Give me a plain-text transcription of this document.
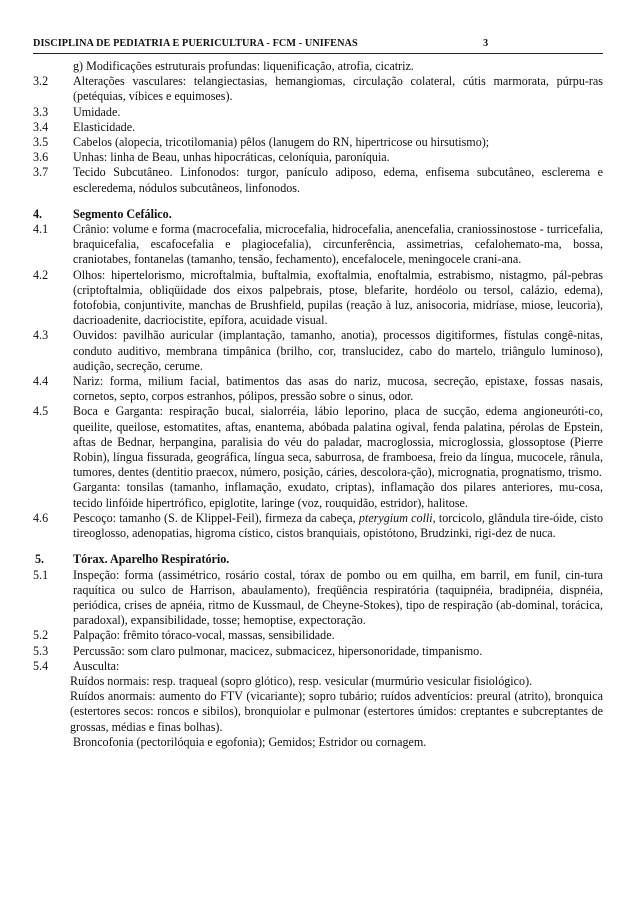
DISCIPLINA DE PEDIATRIA E PUERICULTURA - FCM - UNIFENAS	3
g) Modificações estruturais profundas: liquenificação, atrofia, cicatriz.
3.2	Alterações vasculares: telangiectasias, hemangiomas, circulação colateral, cútis marmorata, púrpu-ras (petéquias, víbices e equimoses).
3.3	Umidade.
3.4	Elasticidade.
3.5	Cabelos (alopecia, tricotilomania) pêlos (lanugem do RN, hipertricose ou hirsutismo);
3.6	Unhas: linha de Beau, unhas hipocráticas, celoníquia, paroníquia.
3.7	Tecido Subcutâneo. Linfonodos: turgor, panículo adiposo, edema, enfisema subcutâneo, esclerema e escleredema, nódulos subcutâneos, linfonodos.
4.	Segmento Cefálico.
4.1	Crânio: volume e forma (macrocefalia, microcefalia, hidrocefalia, anencefalia, craniossinostose - turricefalia, braquicefalia, escafocefalia e plagiocefalia), circunferência, assimetrias, cefalohemato-ma, bossa, craniotabes, fontanelas (tamanho, tensão, fechamento), encefalocele, meningocele crani-ana.
4.2	Olhos: hipertelorismo, microftalmia, buftalmia, exoftalmia, enoftalmia, estrabismo, nistagmo, pál-pebras (criptoftalmia, obliqüidade dos eixos palpebrais, ptose, blefarite, hordéolo ou tersol, calázio, edema), fotofobia, conjuntivite, manchas de Brushfield, pupilas (reação à luz, anisocoria, midríase, miose, leucoria), dacrioadenite, dacriocistite, epífora, acuidade visual.
4.3	Ouvidos: pavilhão auricular (implantação, tamanho, anotia), processos digitiformes, fístulas congê-nitas, conduto auditivo, membrana timpânica (brilho, cor, translucidez, cabo do martelo, triângulo luminoso), audição, secreção, cerume.
4.4	Nariz: forma, milium facial, batimentos das asas do nariz, mucosa, secreção, epistaxe, fossas nasais, cornetos, septo, corpos estranhos, pólipos, pressão sobre o sinus, odor.
4.5	Boca e Garganta: respiração bucal, sialorréia, lábio leporino, placa de sucção, edema angioneuróti-co, queilite, queilose, estomatites, aftas, enantema, abóbada palatina ogival, fenda palatina, pérolas de Epstein, aftas de Bednar, herpangina, paralisia do véu do paladar, macroglossia, microglossia, glossoptose (Pierre Robin), língua fissurada, geográfica, língua seca, saburrosa, de framboesa, freio da língua, mucocele, rânula, tumores, dentes (dentitio praecox, número, posição, cáries, descolora-ção), micrognatia, prognatismo, trismo.
Garganta: tonsilas (tamanho, inflamação, exudato, criptas), inflamação dos pilares anteriores, mu-cosa, tecido linfóide hipertrófico, epiglotite, laringe (voz, rouquidão, estridor), halitose.
4.6	Pescoço: tamanho (S. de Klippel-Feil), firmeza da cabeça, pterygium colli, torcicolo, glândula tire-óide, cisto tireoglosso, adenopatias, higroma cístico, cistos branquiais, opistótono, Brudzinki, rigi-dez de nuca.
5.	Tórax. Aparelho Respiratório.
5.1	Inspeção: forma (assimétrico, rosário costal, tórax de pombo ou em quilha, em barril, em funil, cin-tura raquítica ou sulco de Harrison, abaulamento), freqüência respiratória (taquipnéia, bradipnéia, dispnéia, periódica, crises de apnéia, ritmo de Kussmaul, de Cheyne-Stokes), tipo de respiração (ab-dominal, torácica, paradoxal), expansibilidade, tosse; hemoptise, expectoração.
5.2	Palpação: frêmito tóraco-vocal, massas, sensibilidade.
5.3	Percussão: som claro pulmonar, macicez, submacicez, hipersonoridade, timpanismo.
5.4	Ausculta:
Ruídos normais: resp. traqueal (sopro glótico), resp. vesicular (murmúrio vesicular fisiológico).
Ruídos anormais: aumento do FTV (vicariante); sopro tubário; ruídos adventícios: preural (atrito), bronquica (estertores secos: roncos e sibilos), bronquiolar e pulmonar (estertores úmidos: creptantes e subcreptantes de grossas, médias e finas bolhas).
Broncofonia (pectorilóquia e egofonia); Gemidos; Estridor ou cornagem.
